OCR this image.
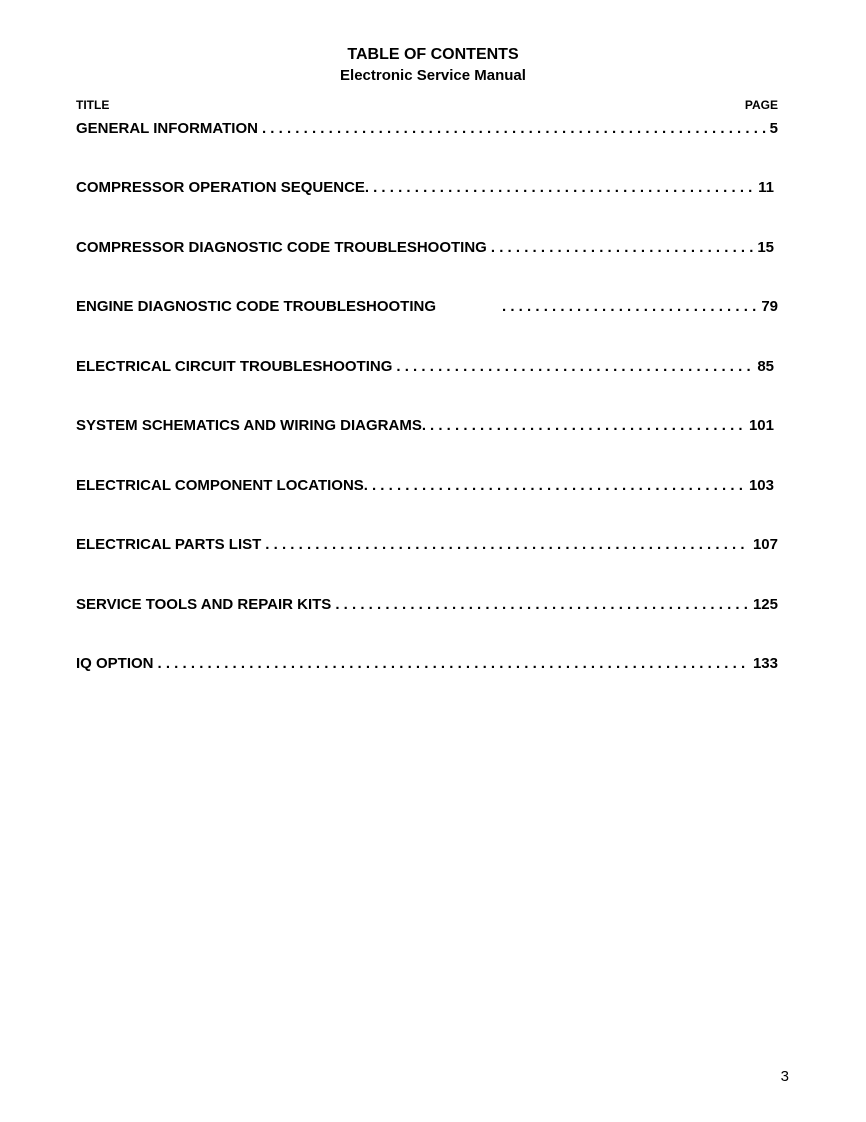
TABLE OF CONTENTS
Electronic Service Manual
TITLE	PAGE
GENERAL INFORMATION . . .	5
COMPRESSOR OPERATION SEQUENCE. . . .	11
COMPRESSOR DIAGNOSTIC CODE TROUBLESHOOTING . . .	15
ENGINE DIAGNOSTIC CODE TROUBLESHOOTING . . .	79
ELECTRICAL CIRCUIT TROUBLESHOOTING . . .	85
SYSTEM SCHEMATICS AND WIRING DIAGRAMS. . . .	101
ELECTRICAL COMPONENT LOCATIONS. . . .	103
ELECTRICAL PARTS LIST . . .	107
SERVICE TOOLS AND REPAIR KITS . . .	125
IQ OPTION . . .	133
3
